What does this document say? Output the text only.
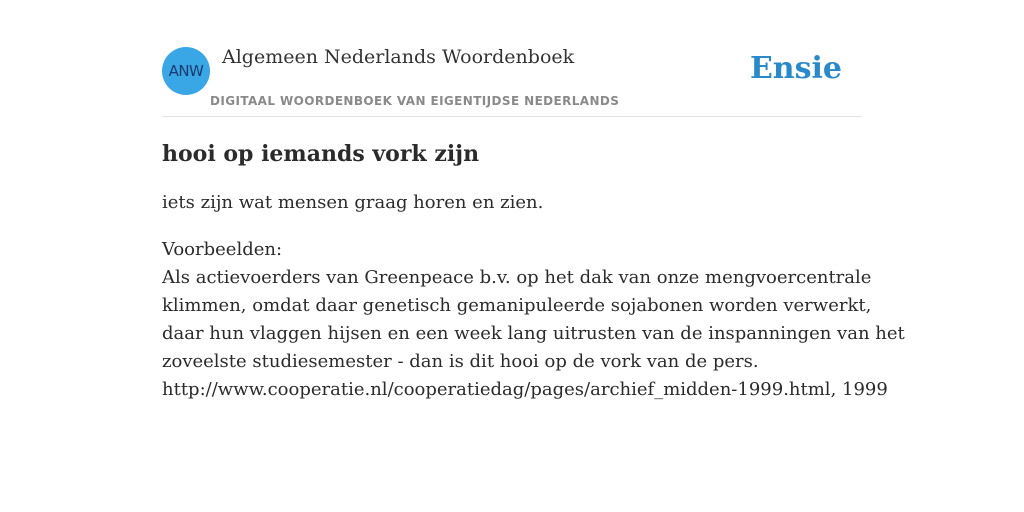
ANW
Algemeen Nederlands Woordenboek
DIGITAAL WOORDENBOEK VAN EIGENTIJDSE NEDERLANDS
Ensie
hooi op iemands vork zijn

iets zijn wat mensen graag horen en zien.

Voorbeelden:
Als actievoerders van Greenpeace b.v. op het dak van onze mengvoercentrale
klimmen, omdat daar genetisch gemanipuleerde sojabonen worden verwerkt,
daar hun vlaggen hijsen en een week lang uitrusten van de inspanningen van het
zoveelste studiesemester - dan is dit hooi op de vork van de pers.
http://www.cooperatie.nl/cooperatiedag/pages/archief_midden-1999.html, 1999
